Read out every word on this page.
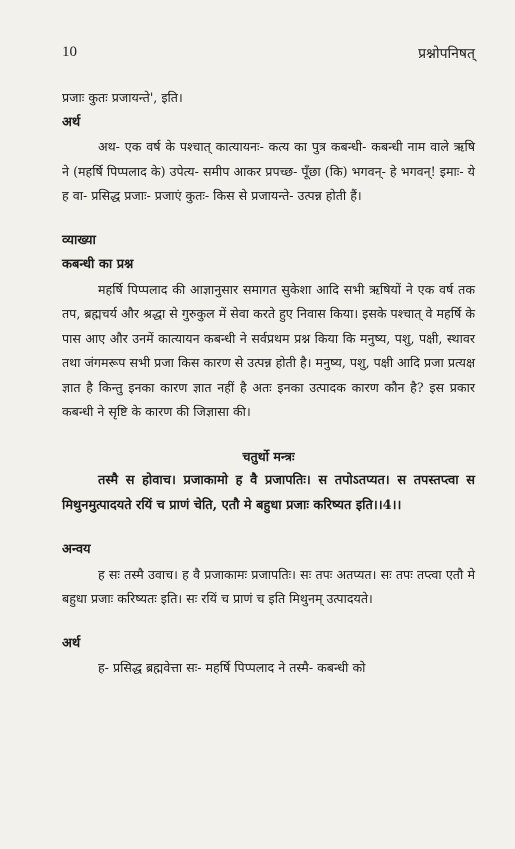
10	प्रश्नोपनिषत्

प्रजाः कुतः प्रजायन्ते', इति।

अर्थ

अथ- एक वर्ष के पश्चात् कात्यायनः- कत्य का पुत्र कबन्धी- कबन्धी नाम वाले ऋषि ने (महर्षि पिप्पलाद के) उपेत्य- समीप आकर प्रपच्छ- पूँछा (कि) भगवन्- हे भगवन्! इमाः- ये ह वा- प्रसिद्ध प्रजाः- प्रजाएं कुतः- किस से प्रजायन्ते- उत्पन्न होती हैं।

व्याख्या

कबन्धी का प्रश्न

महर्षि पिप्पलाद की आज्ञानुसार समागत सुकेशा आदि सभी ऋषियों ने एक वर्ष तक तप, ब्रह्मचर्य और श्रद्धा से गुरुकुल में सेवा करते हुए निवास किया। इसके पश्चात् वे महर्षि के पास आए और उनमें कात्यायन कबन्धी ने सर्वप्रथम प्रश्न किया कि मनुष्य, पशु, पक्षी, स्थावर तथा जंगमरूप सभी प्रजा किस कारण से उत्पन्न होती है। मनुष्य, पशु, पक्षी आदि प्रजा प्रत्यक्ष ज्ञात है किन्तु इनका कारण ज्ञात नहीं है अतः इनका उत्पादक कारण कौन है? इस प्रकार कबन्धी ने सृष्टि के कारण की जिज्ञासा की।

चतुर्थो मन्त्रः

तस्मै स होवाच। प्रजाकामो ह वै प्रजापतिः। स तपोऽतप्यत। स तपस्तप्त्वा स मिथुनमुत्पादयते रयिं च प्राणं चेति, एतौ मे बहुधा प्रजाः करिष्यत इति।।4।।

अन्वय

ह सः तस्मै उवाच। ह वै प्रजाकामः प्रजापतिः। सः तपः अतप्यत। सः तपः तप्त्वा एतौ मे बहुधा प्रजाः करिष्यतः इति। सः रयिं च प्राणं च इति मिथुनम् उत्पादयते।

अर्थ

ह- प्रसिद्ध ब्रह्मवेत्ता सः- महर्षि पिप्पलाद ने तस्मै- कबन्धी को
